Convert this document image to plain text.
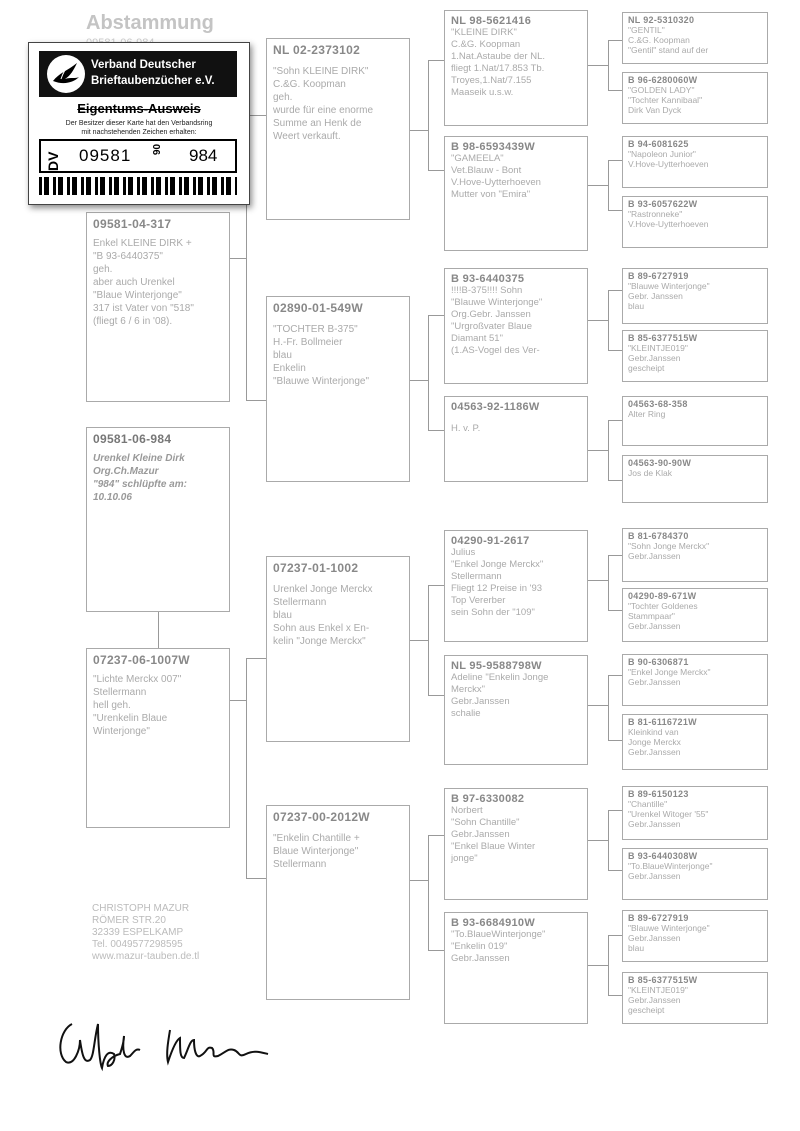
Abstammung
09581-06-984
Urenkel Kleine Dirk
Org.Ch.Mazur
"984" schlüpfte am:
10.10.06
09581-04-317
Enkel KLEINE DIRK +
"B 93-6440375"
geh.
aber auch Urenkel
"Blaue Winterjonge"
317 ist Vater von "518"
(fliegt 6 / 6 in '08).
07237-06-1007W
"Lichte Merckx 007"
Stellermann
hell geh.
"Urenkelin Blaue
Winterjonge"
NL 02-2373102
"Sohn KLEINE DIRK"
C.&G. Koopman
geh.
wurde für eine enorme
Summe an Henk de
Weert verkauft.
02890-01-549W
"TOCHTER B-375"
H.-Fr. Bollmeier
blau
Enkelin
"Blauwe Winterjonge"
07237-01-1002
Urenkel Jonge Merckx
Stellermann
blau
Sohn aus Enkel x En-
kelin "Jonge Merckx"
07237-00-2012W
"Enkelin Chantille +
Blaue Winterjonge"
Stellermann
NL 98-5621416
"KLEINE DIRK"
C.&G. Koopman
1.Nat.Astaube der NL.
fliegt 1.Nat/17.853 Tb.
Troyes,1.Nat/7.155
Maaseik u.s.w.
B 98-6593439W
"GAMEELA"
Vet.Blauw - Bont
V.Hove-Uytterhoeven
Mutter von "Emira"
B 93-6440375
!!!!B-375!!!! Sohn
"Blauwe Winterjonge"
Org.Gebr. Janssen
"Urgroßvater Blaue
Diamant 51"
(1.AS-Vogel des Ver-
04563-92-1186W
H. v. P.
04290-91-2617
Julius
"Enkel Jonge Merckx"
Stellermann
Fliegt 12 Preise in '93
Top Vererber
sein Sohn der "109"
NL 95-9588798W
Adeline "Enkelin Jonge
Merckx"
Gebr.Janssen
schalie
B 97-6330082
Norbert
"Sohn Chantille"
Gebr.Janssen
"Enkel Blaue Winter
jonge"
B 93-6684910W
"To.BlaueWinterjonge"
"Enkelin 019"
Gebr.Janssen
NL 92-5310320
"GENTIL"
C.&G. Koopman
"Gentil" stand auf der
B 96-6280060W
"GOLDEN LADY"
"Tochter Kannibaal"
Dirk Van Dyck
B 94-6081625
"Napoleon Junior"
V.Hove-Uytterhoeven
B 93-6057622W
"Rastronneke"
V.Hove-Uytterhoeven
B 89-6727919
"Blauwe Winterjonge"
Gebr. Janssen
blau
B 85-6377515W
"KLEINTJE019"
Gebr.Janssen
gescheipt
04563-68-358
Alter Ring
04563-90-90W
Jos de Klak
B 81-6784370
"Sohn Jonge Merckx"
Gebr.Janssen
04290-89-671W
"Tochter Goldenes
Stammpaar"
Gebr.Janssen
B 90-6306871
"Enkel Jonge Merckx"
Gebr.Janssen
B 81-6116721W
Kleinkind van
Jonge Merckx
Gebr.Janssen
B 89-6150123
"Chantille"
"Urenkel Witoger '55"
Gebr.Janssen
B 93-6440308W
"To.BlaueWinterjonge"
Gebr.Janssen
B 89-6727919
"Blauwe Winterjonge"
Gebr.Janssen
blau
B 85-6377515W
"KLEINTJE019"
Gebr.Janssen
gescheipt
Verband Deutscher
Brieftaubenzücher e.V.
Eigentums-Ausweis
Der Besitzer dieser Karte hat den Verbandsring
mit nachstehenden Zeichen erhalten:
DV 09581 06 984
CHRISTOPH MAZUR
RÖMER STR.20
32339 ESPELKAMP
Tel. 0049577298595
www.mazur-tauben.de.tl
